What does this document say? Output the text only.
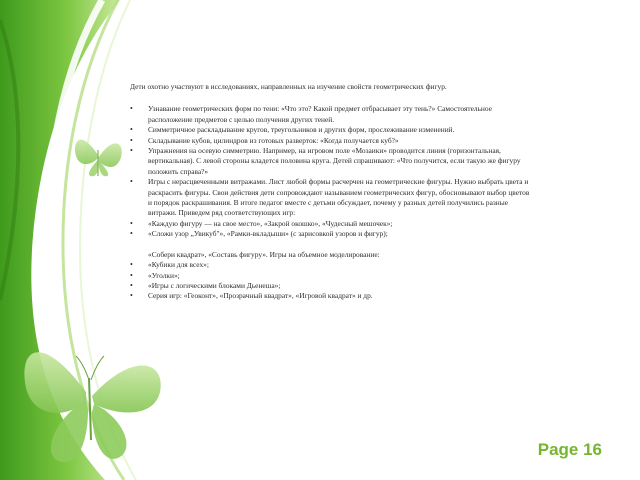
Дети охотно участвуют в исследованиях, направленных на изучение свойств геометрических фигур.

• Узнавание геометрических форм по тени: «Что это? Какой предмет отбрасывает эту тень?» Самостоятельное расположение предметов с целью получения других теней.
• Симметричное раскладывание кругов, треугольников и других форм, прослеживание изменений.
• Складывание кубов, цилиндров из готовых разверток: «Когда получается куб?»
• Упражнения на осевую симметрию. Например, на игровом поле «Мозаики» проводится линия (горизонтальная, вертикальная). С левой стороны кладется половина круга. Детей спрашивают: «Что получится, если такую же фигуру положить справа?»
• Игры с нерасцвеченными витражами. Лист любой формы расчерчен на геометрические фигуры. Нужно выбрать цвета и раскрасить фигуры. Свои действия дети сопровождают называнием геометрических фигур, обосновывают выбор цветов и порядок раскрашивания. В итоге педагог вместе с детьми обсуждает, почему у разных детей получились разные витражи. Приведем ряд соответствующих игр:
• «Каждую фигуру — на свое место», «Закрой окошко», «Чудесный мешочек»;
• «Сложи узор „Увикуб"», «Рамки-вкладыши» (с зарисовкой узоров и фигур);
«Собери квадрат», «Составь фигуру». Игры на объемное моделирование:
• «Кубики для всех»;
• «Уголки»;
• «Игры с логическими блоками Дьенеша»;
• Серия игр: «Геоконт», «Прозрачный квадрат», «Игровой квадрат» и др.
Page 16
